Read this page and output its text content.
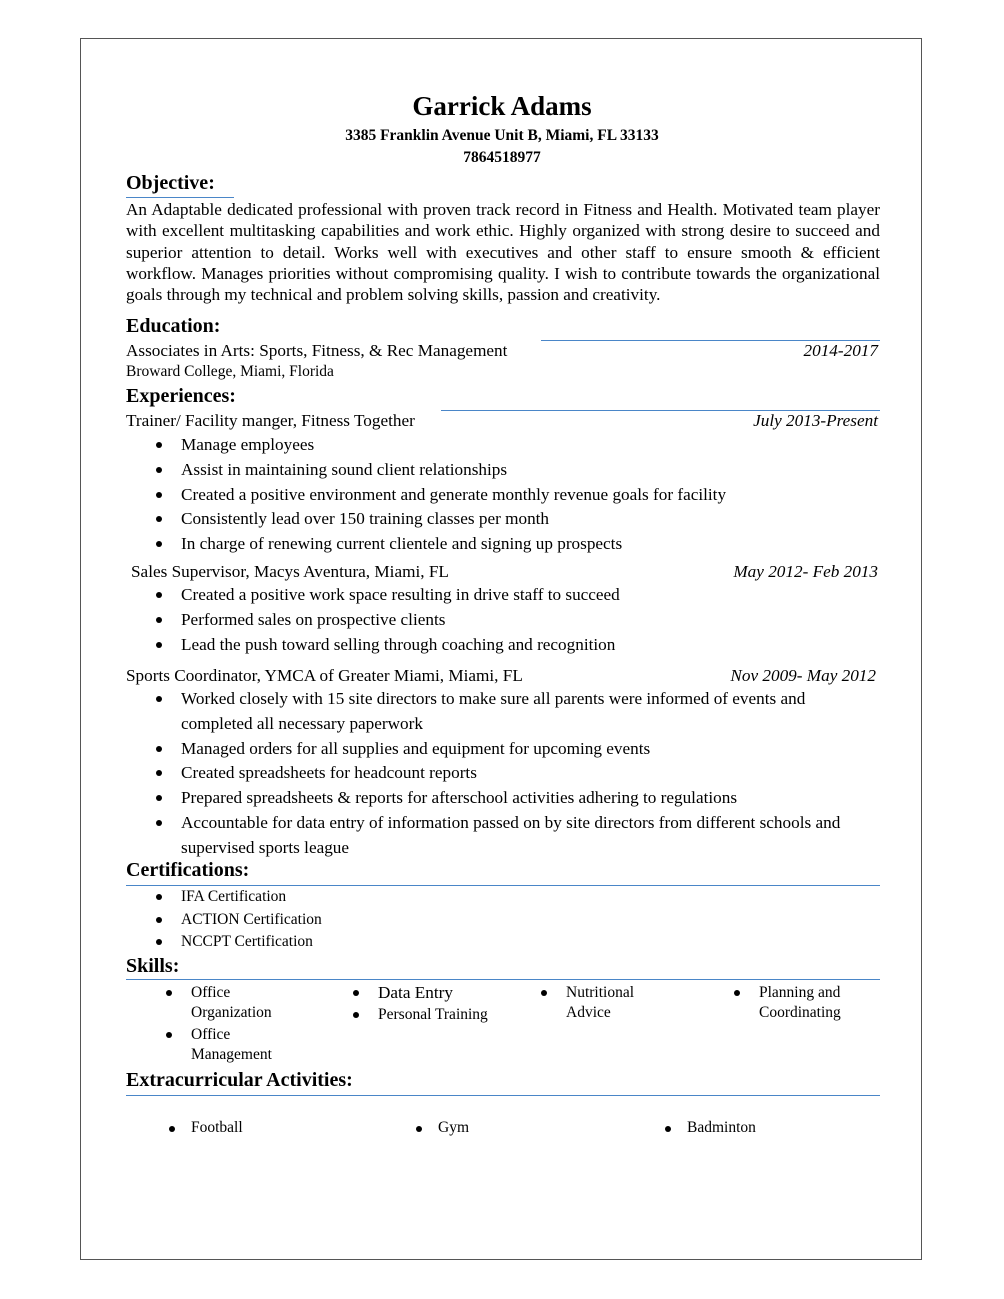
Garrick Adams
3385 Franklin Avenue Unit B, Miami, FL 33133
7864518977
Objective:
An Adaptable dedicated professional with proven track record in Fitness and Health. Motivated team player with excellent multitasking capabilities and work ethic. Highly organized with strong desire to succeed and superior attention to detail. Works well with executives and other staff to ensure smooth & efficient workflow. Manages priorities without compromising quality. I wish to contribute towards the organizational goals through my technical and problem solving skills, passion and creativity.
Education:
Associates in Arts: Sports, Fitness, & Rec Management	2014-2017
Broward College, Miami, Florida
Experiences:
Trainer/ Facility manger, Fitness Together	July 2013-Present
Manage employees
Assist in maintaining sound client relationships
Created a positive environment and generate monthly revenue goals for facility
Consistently lead over 150 training classes per month
In charge of renewing current clientele and signing up prospects
Sales Supervisor, Macys Aventura, Miami, FL	May 2012- Feb 2013
Created a positive work space resulting in drive staff to succeed
Performed sales on prospective clients
Lead the push toward selling through coaching and recognition
Sports Coordinator, YMCA of Greater Miami, Miami, FL	Nov 2009- May 2012
Worked closely with 15 site directors to make sure all parents were informed of events and completed all necessary paperwork
Managed orders for all supplies and equipment for upcoming events
Created spreadsheets for headcount reports
Prepared spreadsheets & reports for afterschool activities adhering to regulations
Accountable for data entry of information passed on by site directors from different schools and supervised sports league
Certifications:
IFA Certification
ACTION Certification
NCCPT Certification
Skills:
Office Organization
Office Management
Data Entry
Personal Training
Nutritional Advice
Planning and Coordinating
Extracurricular Activities:
Football	Gym	Badminton
